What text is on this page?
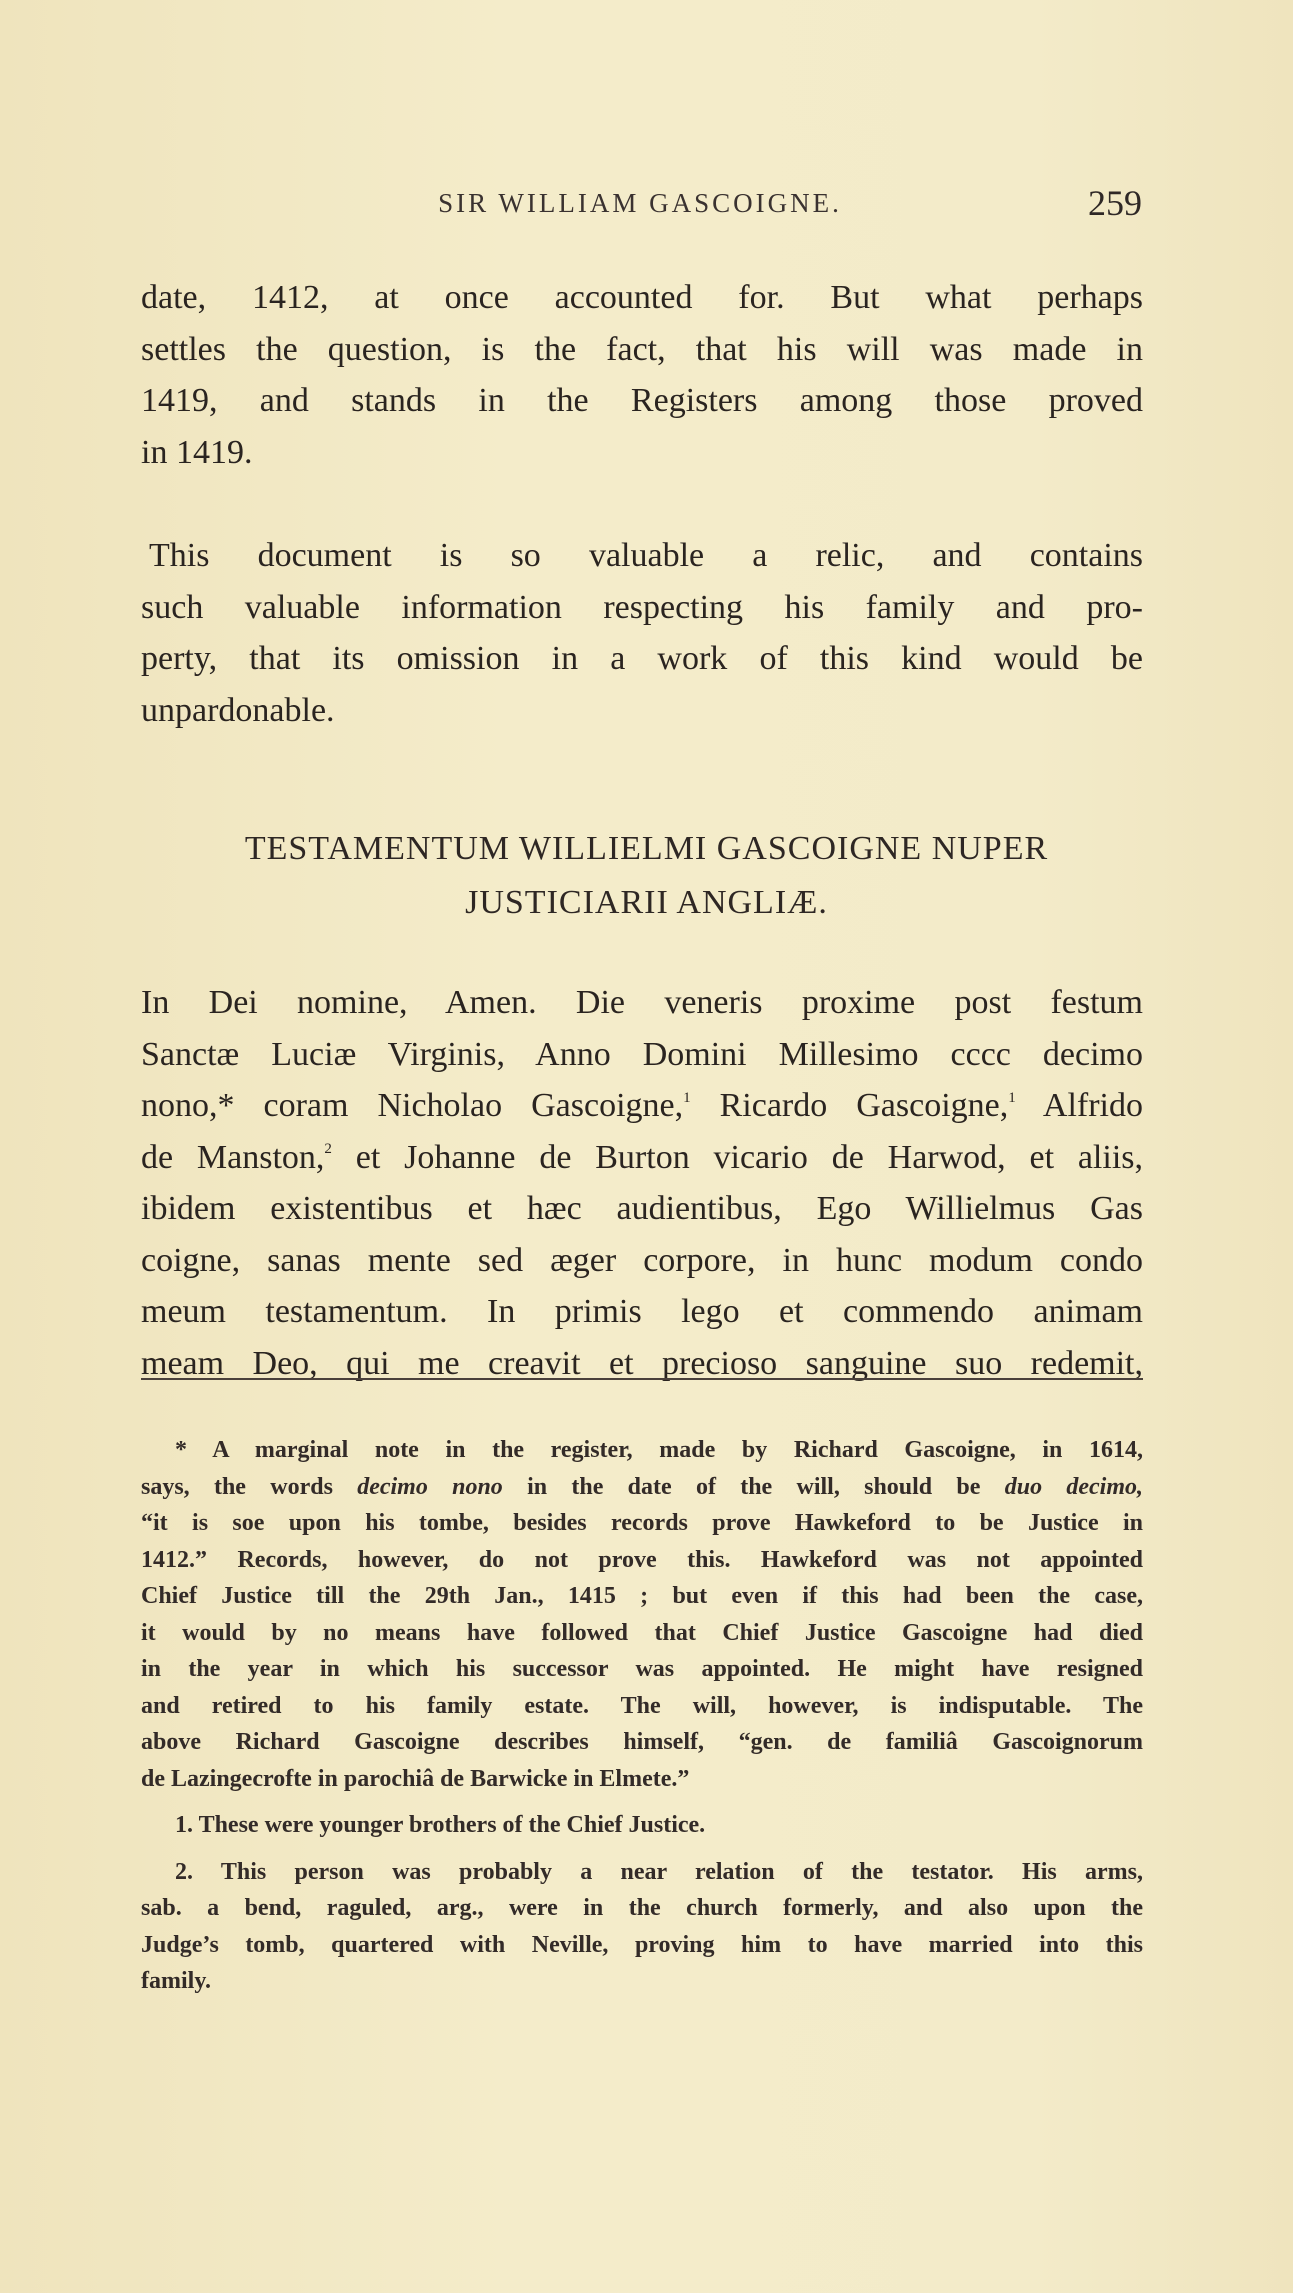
SIR WILLIAM GASCOIGNE.	259

date, 1412, at once accounted for. But what perhaps
settles the question, is the fact, that his will was made in
1419, and stands in the Registers among those proved
in 1419.

This document is so valuable a relic, and contains
such valuable information respecting his family and pro-
perty, that its omission in a work of this kind would be
unpardonable.

TESTAMENTUM WILLIELMI GASCOIGNE NUPER
JUSTICIARII ANGLIÆ.

In Dei nomine, Amen. Die veneris proxime post festum
Sanctæ Luciæ Virginis, Anno Domini Millesimo cccc decimo
nono,* coram Nicholao Gascoigne,$^1$ Ricardo Gascoigne,$^1$ Alfrido
de Manston,$^2$ et Johanne de Burton vicario de Harwod, et aliis,
ibidem existentibus et hæc audientibus, Ego Willielmus Gas
coigne, sanas mente sed æger corpore, in hunc modum condo
meum testamentum. In primis lego et commendo animam
meam Deo, qui me creavit et precioso sanguine suo redemit,

* A marginal note in the register, made by Richard Gascoigne, in 1614,
says, the words decimo nono in the date of the will, should be duo decimo,
“it is soe upon his tombe, besides records prove Hawkeford to be Justice in
1412.” Records, however, do not prove this. Hawkeford was not appointed
Chief Justice till the 29th Jan., 1415 ; but even if this had been the case,
it would by no means have followed that Chief Justice Gascoigne had died
in the year in which his successor was appointed. He might have resigned
and retired to his family estate. The will, however, is indisputable. The
above Richard Gascoigne describes himself, “gen. de familiâ Gascoignorum
de Lazingecrofte in parochiâ de Barwicke in Elmete.”
1. These were younger brothers of the Chief Justice.
2. This person was probably a near relation of the testator. His arms,
sab. a bend, raguled, arg., were in the church formerly, and also upon the
Judge’s tomb, quartered with Neville, proving him to have married into this
family.
